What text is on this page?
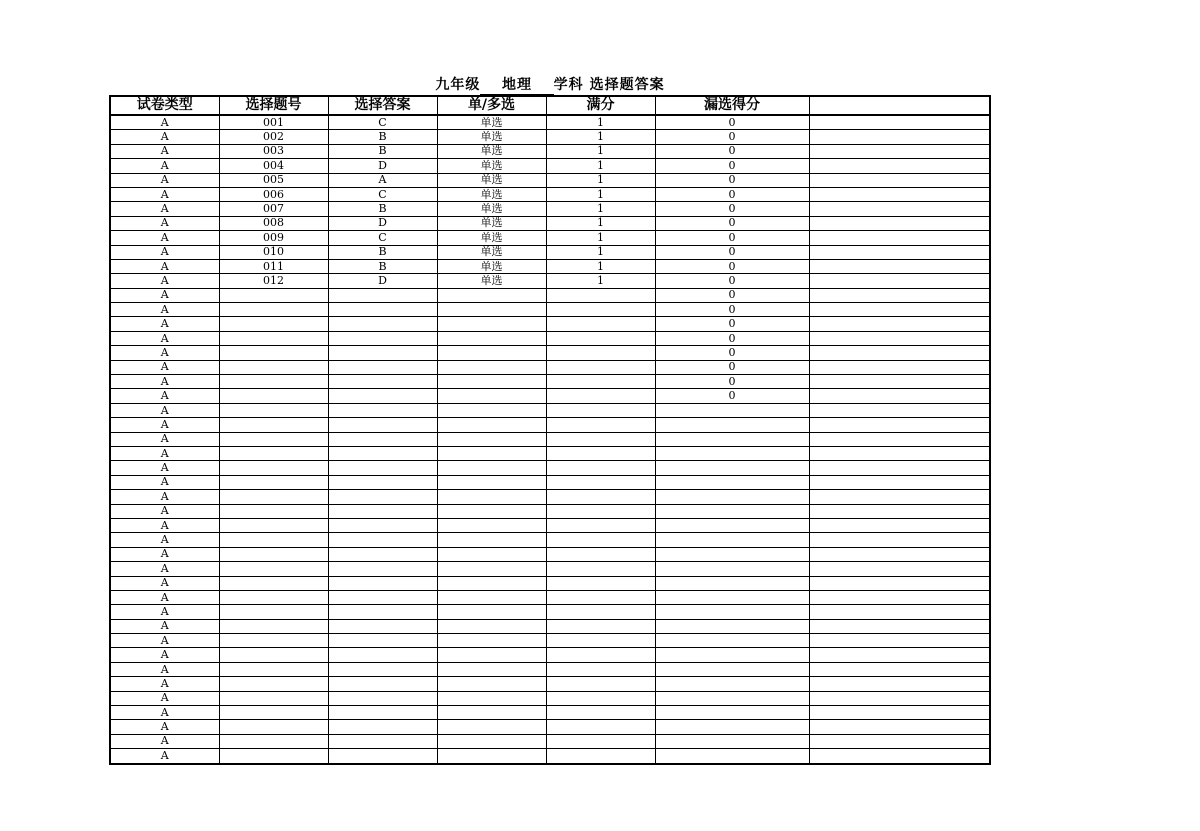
九年级 地理 学科 选择题答案
试卷类型	选择题号	选择答案	单/多选	满分	漏选得分	
A	001	C	单选	1	0	
A	002	B	单选	1	0	
A	003	B	单选	1	0	
A	004	D	单选	1	0	
A	005	A	单选	1	0	
A	006	C	单选	1	0	
A	007	B	单选	1	0	
A	008	D	单选	1	0	
A	009	C	单选	1	0	
A	010	B	单选	1	0	
A	011	B	单选	1	0	
A	012	D	单选	1	0	
A					0	
A					0	
A					0	
A					0	
A					0	
A					0	
A					0	
A					0	
A						
A						
A						
A						
A						
A						
A						
A						
A						
A						
A						
A						
A						
A						
A						
A						
A						
A						
A						
A						
A						
A						
A						
A						
A						
